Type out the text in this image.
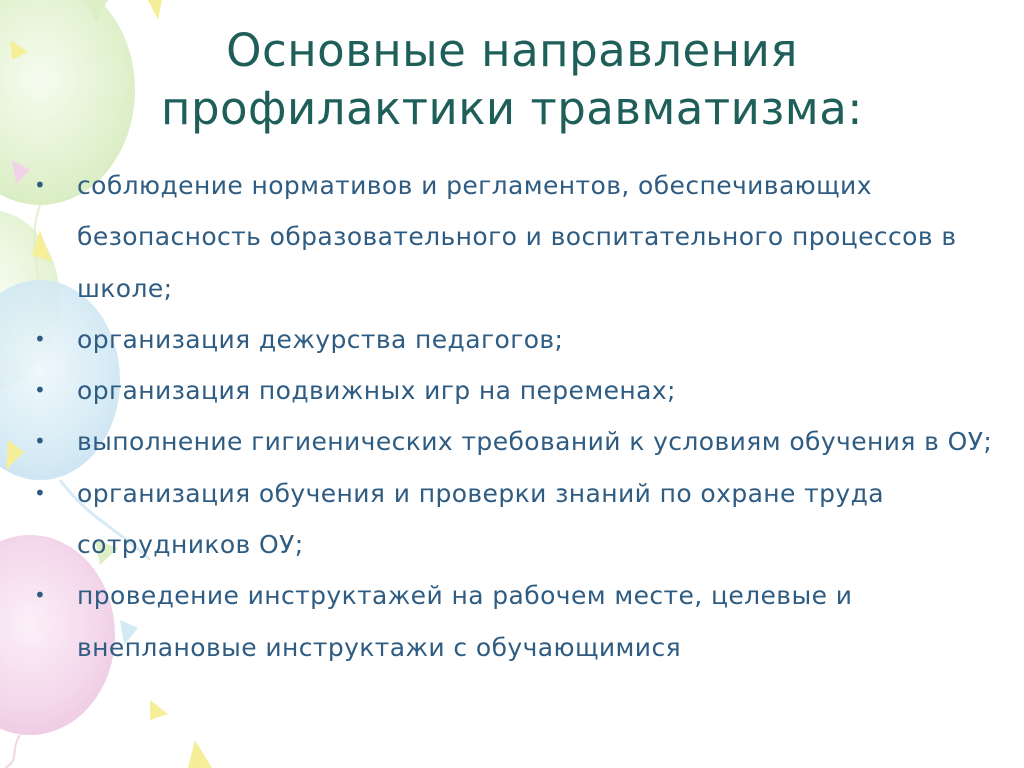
Основные направления
профилактики травматизма:
• соблюдение нормативов и регламентов, обеспечивающих безопасность образовательного и воспитательного процессов в школе;
• организация дежурства педагогов;
• организация подвижных игр на переменах;
• выполнение гигиенических требований к условиям обучения в ОУ;
• организация обучения и проверки знаний по охране труда сотрудников ОУ;
• проведение инструктажей на рабочем месте, целевые и внеплановые инструктажи с обучающимися
